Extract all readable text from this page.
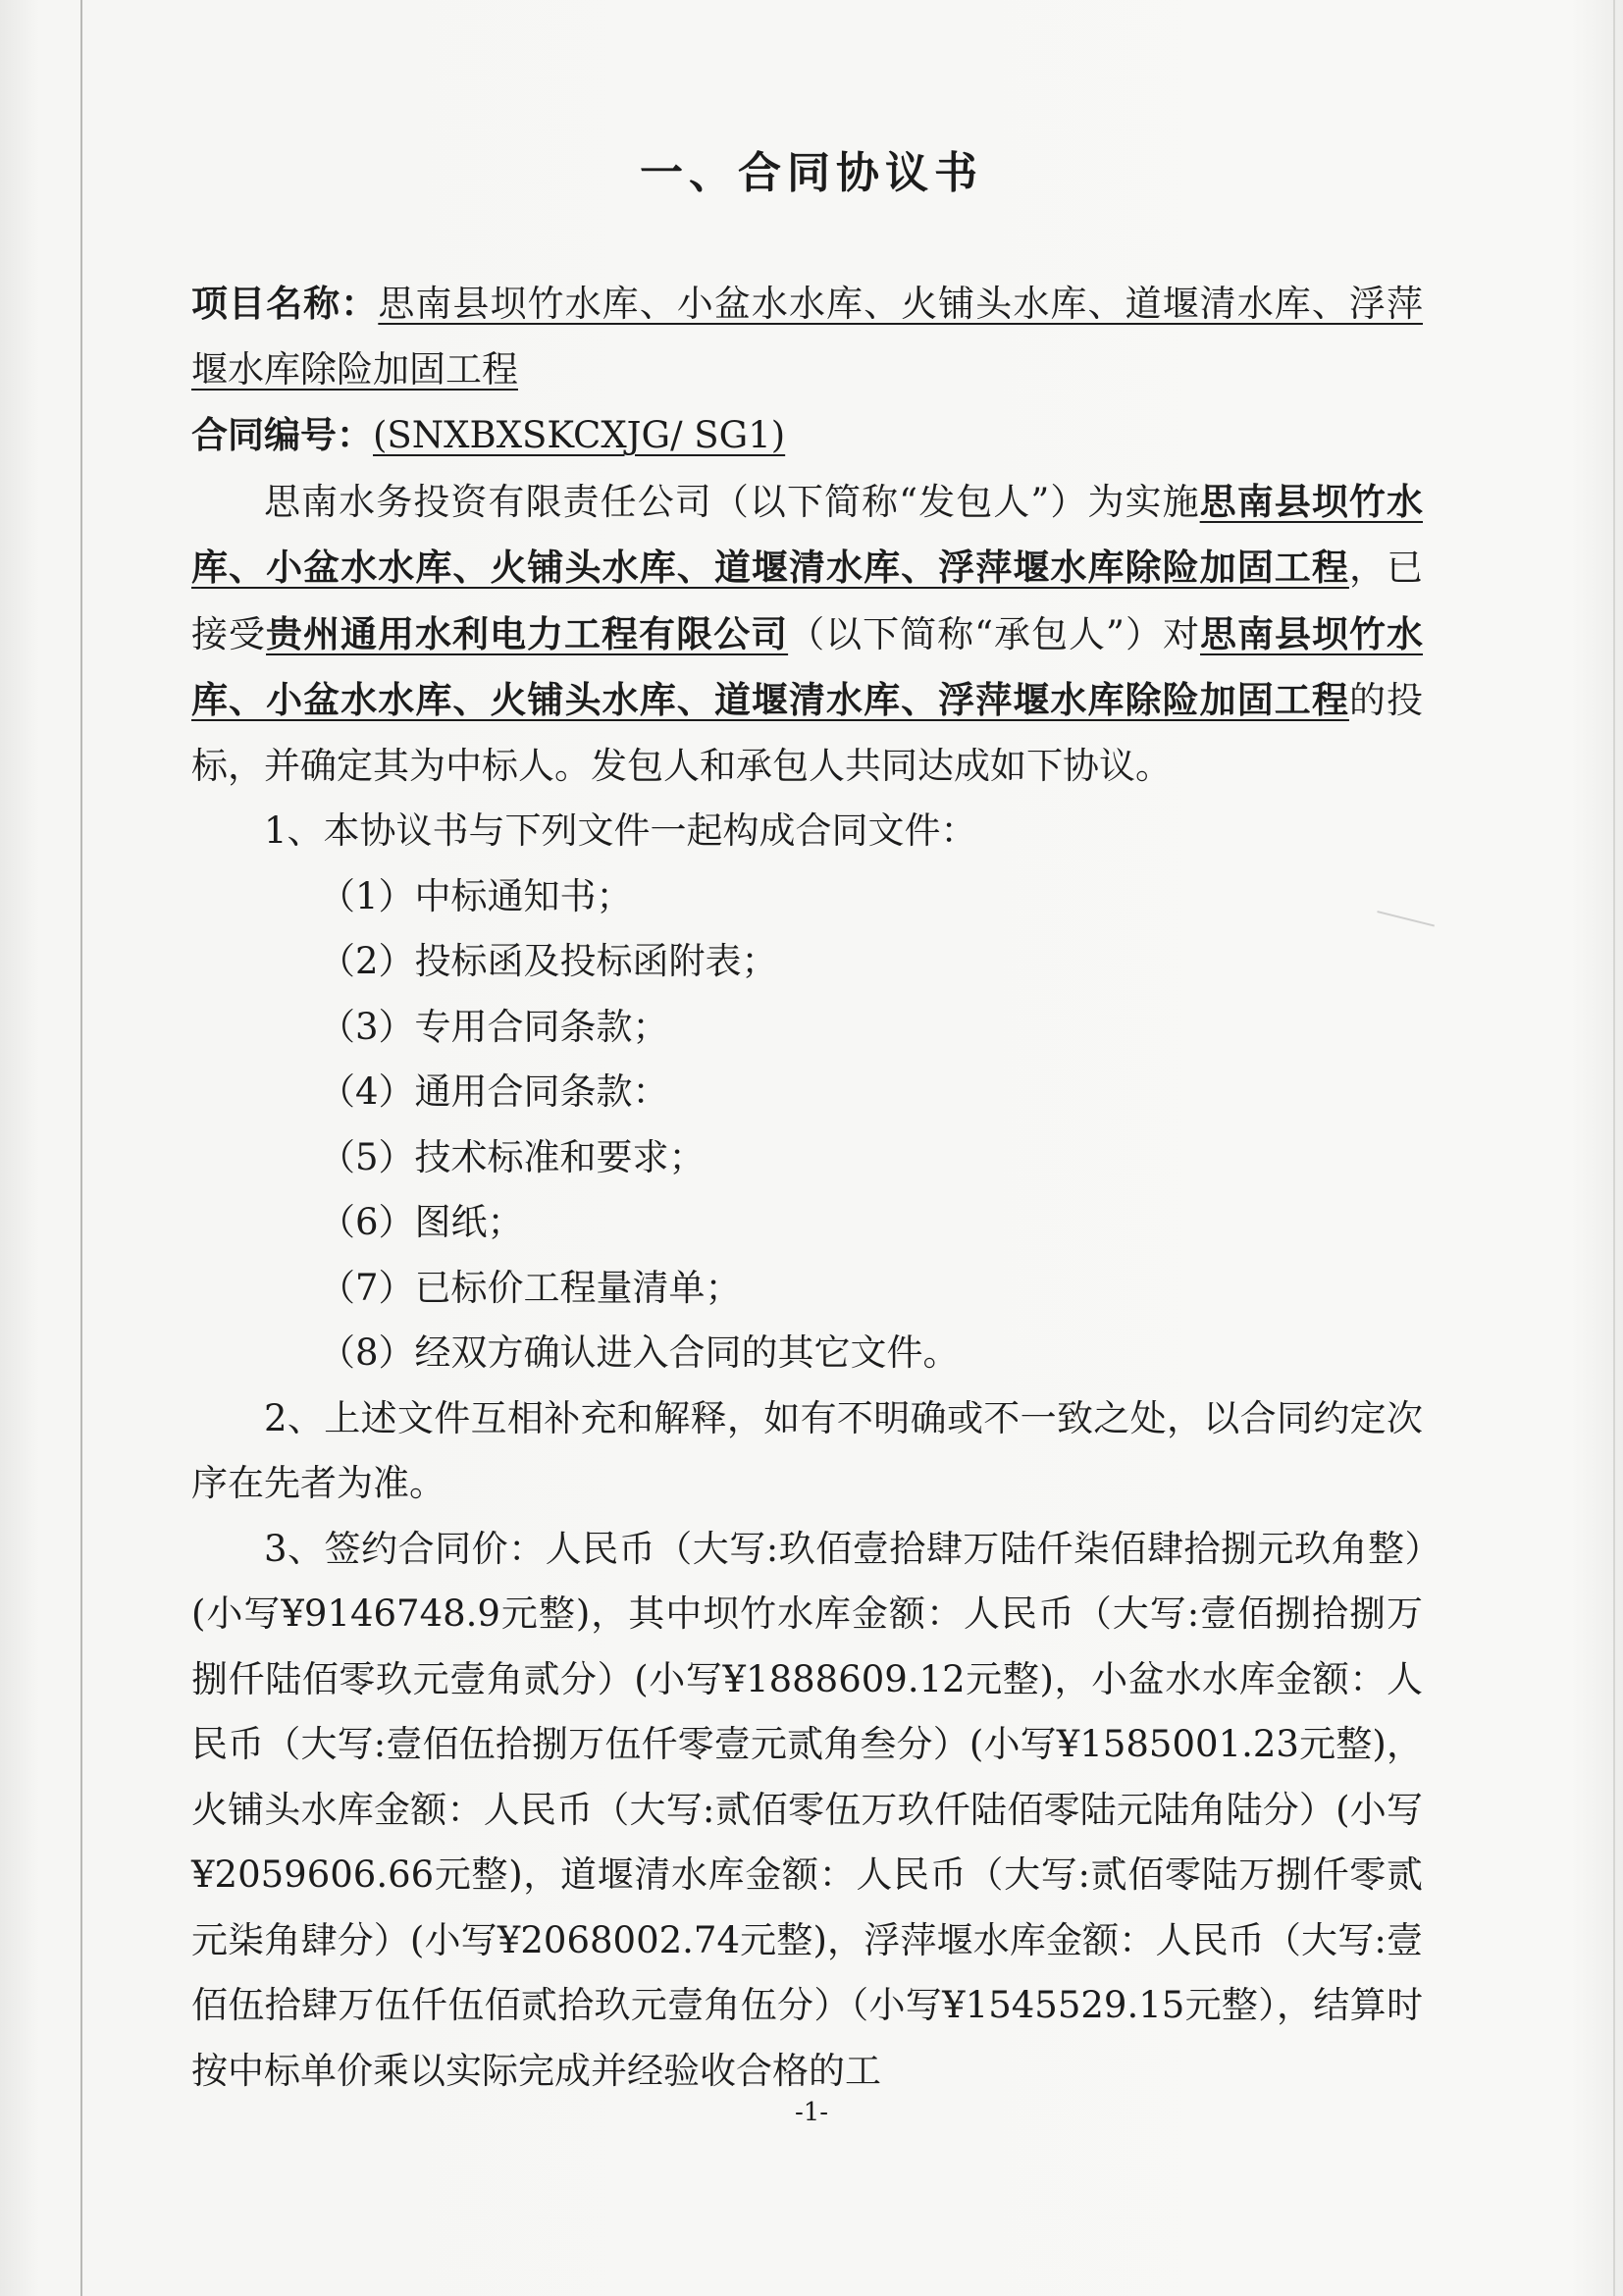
一、合同协议书

项目名称：思南县坝竹水库、小盆水水库、火铺头水库、道堰清水库、浮萍堰水库除险加固工程

合同编号：(SNXBXSKCXJG/ SG1)

思南水务投资有限责任公司（以下简称“发包人”）为实施思南县坝竹水库、小盆水水库、火铺头水库、道堰清水库、浮萍堰水库除险加固工程，已接受贵州通用水利电力工程有限公司（以下简称“承包人”）对思南县坝竹水库、小盆水水库、火铺头水库、道堰清水库、浮萍堰水库除险加固工程的投标，并确定其为中标人。发包人和承包人共同达成如下协议。

1、本协议书与下列文件一起构成合同文件：

（1）中标通知书；

（2）投标函及投标函附表；

（3）专用合同条款；

（4）通用合同条款：

（5）技术标准和要求；

（6）图纸；

（7）已标价工程量清单；

（8）经双方确认进入合同的其它文件。

2、上述文件互相补充和解释，如有不明确或不一致之处，以合同约定次序在先者为准。

3、签约合同价：人民币（大写:玖佰壹拾肆万陆仟柒佰肆拾捌元玖角整）(小写¥9146748.9元整)，其中坝竹水库金额：人民币（大写:壹佰捌拾捌万捌仟陆佰零玖元壹角贰分）(小写¥1888609.12元整)，小盆水水库金额：人民币（大写:壹佰伍拾捌万伍仟零壹元贰角叁分）(小写¥1585001.23元整)，火铺头水库金额：人民币（大写:贰佰零伍万玖仟陆佰零陆元陆角陆分）(小写¥2059606.66元整)，道堰清水库金额：人民币（大写:贰佰零陆万捌仟零贰元柒角肆分）(小写¥2068002.74元整)，浮萍堰水库金额：人民币（大写:壹佰伍拾肆万伍仟伍佰贰拾玖元壹角伍分）（小写¥1545529.15元整），结算时按中标单价乘以实际完成并经验收合格的工

-1-
